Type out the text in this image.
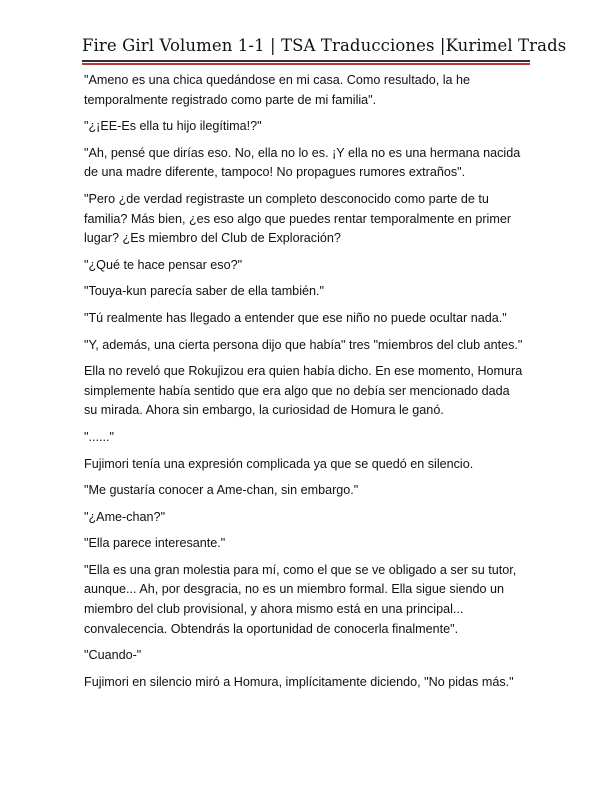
Fire Girl Volumen 1-1 | TSA Traducciones |Kurimel Trads

"Ameno es una chica quedándose en mi casa. Como resultado, la he temporalmente registrado como parte de mi familia".

"¿¡EE-Es ella tu hijo ilegítima!?"

"Ah, pensé que dirías eso. No, ella no lo es. ¡Y ella no es una hermana nacida de una madre diferente, tampoco! No propagues rumores extraños".

"Pero ¿de verdad registraste un completo desconocido como parte de tu familia? Más bien, ¿es eso algo que puedes rentar temporalmente en primer lugar? ¿Es miembro del Club de Exploración?

"¿Qué te hace pensar eso?"

"Touya-kun parecía saber de ella también."

"Tú realmente has llegado a entender que ese niño no puede ocultar nada."

"Y, además, una cierta persona dijo que había" tres "miembros del club antes."

Ella no reveló que Rokujizou era quien había dicho. En ese momento, Homura simplemente había sentido que era algo que no debía ser mencionado dada su mirada. Ahora sin embargo, la curiosidad de Homura le ganó.

"......"

Fujimori tenía una expresión complicada ya que se quedó en silencio.

"Me gustaría conocer a Ame-chan, sin embargo."

"¿Ame-chan?"

"Ella parece interesante."

"Ella es una gran molestia para mí, como el que se ve obligado a ser su tutor, aunque... Ah, por desgracia, no es un miembro formal. Ella sigue siendo un miembro del club provisional, y ahora mismo está en una principal... convalecencia. Obtendrás la oportunidad de conocerla finalmente".

"Cuando-"

Fujimori en silencio miró a Homura, implícitamente diciendo, "No pidas más."
